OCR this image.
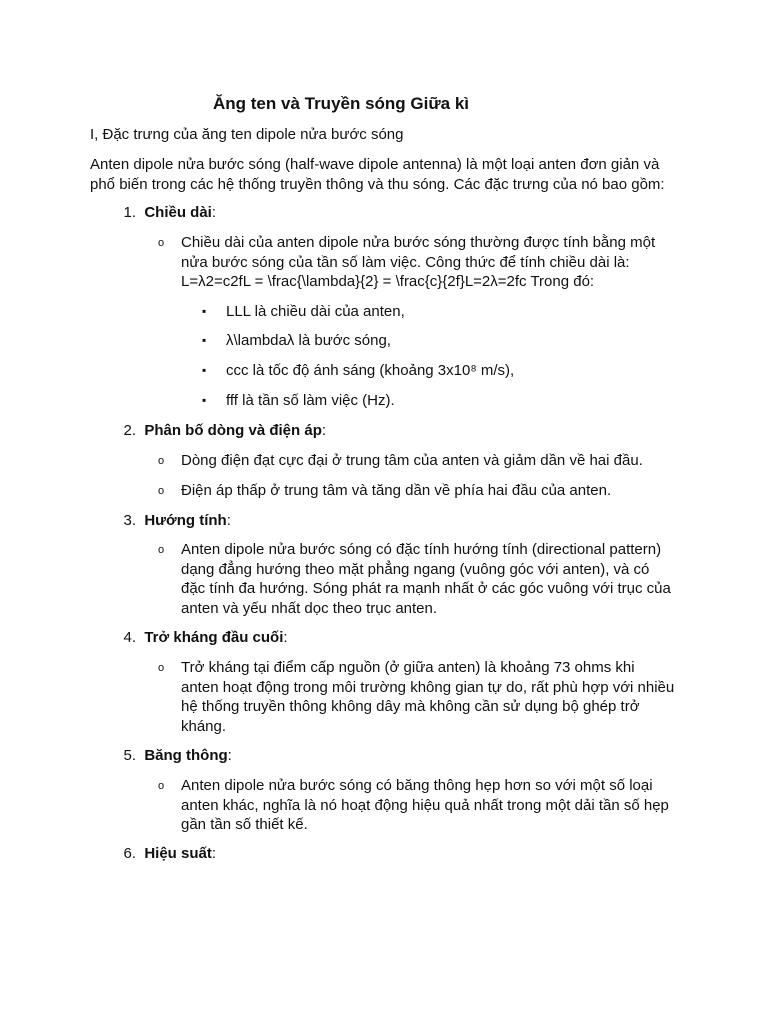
Ăng ten và Truyền sóng Giữa kì
I, Đặc trưng của ăng ten dipole nửa bước sóng
Anten dipole nửa bước sóng (half-wave dipole antenna) là một loại anten đơn giản và
phổ biến trong các hệ thống truyền thông và thu sóng. Các đặc trưng của nó bao gồm:
1. Chiều dài:
o Chiều dài của anten dipole nửa bước sóng thường được tính bằng một
nửa bước sóng của tần số làm việc. Công thức để tính chiều dài là:
L=λ2=c2fL = \frac{\lambda}{2} = \frac{c}{2f}L=2λ=2fc Trong đó:
▪ LLL là chiều dài của anten,
▪ λ\lambdaλ là bước sóng,
▪ ccc là tốc độ ánh sáng (khoảng 3x10⁸ m/s),
▪ fff là tần số làm việc (Hz).
2. Phân bố dòng và điện áp:
o Dòng điện đạt cực đại ở trung tâm của anten và giảm dần về hai đầu.
o Điện áp thấp ở trung tâm và tăng dần về phía hai đầu của anten.
3. Hướng tính:
o Anten dipole nửa bước sóng có đặc tính hướng tính (directional pattern)
dạng đẳng hướng theo mặt phẳng ngang (vuông góc với anten), và có
đặc tính đa hướng. Sóng phát ra mạnh nhất ở các góc vuông với trục của
anten và yếu nhất dọc theo trục anten.
4. Trở kháng đầu cuối:
o Trở kháng tại điểm cấp nguồn (ở giữa anten) là khoảng 73 ohms khi
anten hoạt động trong môi trường không gian tự do, rất phù hợp với nhiều
hệ thống truyền thông không dây mà không cần sử dụng bộ ghép trở
kháng.
5. Băng thông:
o Anten dipole nửa bước sóng có băng thông hẹp hơn so với một số loại
anten khác, nghĩa là nó hoạt động hiệu quả nhất trong một dải tần số hẹp
gần tần số thiết kế.
6. Hiệu suất:
